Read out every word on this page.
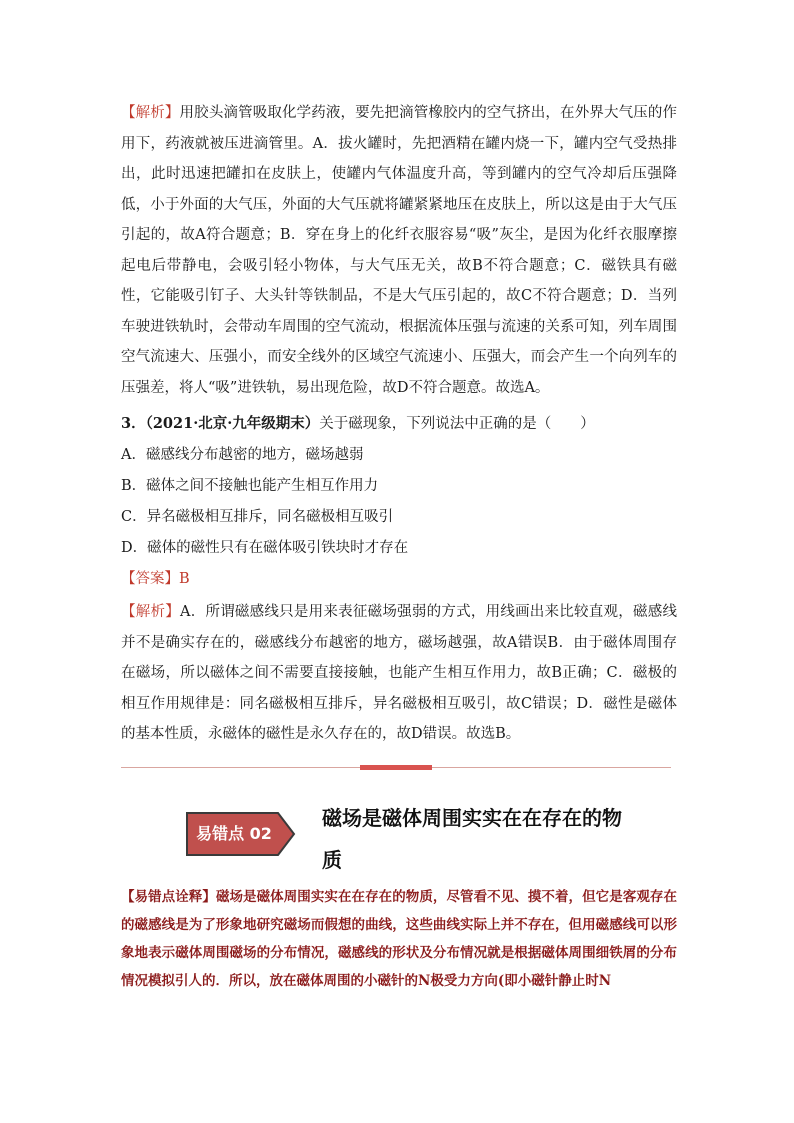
【解析】用胶头滴管吸取化学药液，要先把滴管橡胶内的空气挤出，在外界大气压的作用下，药液就被压进滴管里。A．拔火罐时，先把酒精在罐内烧一下，罐内空气受热排出，此时迅速把罐扣在皮肤上，使罐内气体温度升高，等到罐内的空气冷却后压强降低，小于外面的大气压，外面的大气压就将罐紧紧地压在皮肤上，所以这是由于大气压引起的，故A符合题意；B．穿在身上的化纤衣服容易“吸”灰尘，是因为化纤衣服摩擦起电后带静电，会吸引轻小物体，与大气压无关，故B不符合题意；C．磁铁具有磁性，它能吸引钉子、大头针等铁制品，不是大气压引起的，故C不符合题意；D．当列车驶进铁轨时，会带动车周围的空气流动，根据流体压强与流速的关系可知，列车周围空气流速大、压强小，而安全线外的区域空气流速小、压强大，而会产生一个向列车的压强差，将人“吸”进铁轨，易出现危险，故D不符合题意。故选A。
3．（2021·北京·九年级期末）关于磁现象，下列说法中正确的是（　　）
A．磁感线分布越密的地方，磁场越弱
B．磁体之间不接触也能产生相互作用力
C．异名磁极相互排斥，同名磁极相互吸引
D．磁体的磁性只有在磁体吸引铁块时才存在
【答案】B
【解析】A．所谓磁感线只是用来表征磁场强弱的方式，用线画出来比较直观，磁感线并不是确实存在的，磁感线分布越密的地方，磁场越强，故A错误B．由于磁体周围存在磁场，所以磁体之间不需要直接接触，也能产生相互作用力，故B正确；C．磁极的相互作用规律是：同名磁极相互排斥，异名磁极相互吸引，故C错误；D．磁性是磁体的基本性质，永磁体的磁性是永久存在的，故D错误。故选B。
易错点 02
磁场是磁体周围实实在在存在的物质
【易错点诠释】磁场是磁体周围实实在在存在的物质，尽管看不见、摸不着，但它是客观存在的磁感线是为了形象地研究磁场而假想的曲线，这些曲线实际上并不存在，但用磁感线可以形象地表示磁体周围磁场的分布情况，磁感线的形状及分布情况就是根据磁体周围细铁屑的分布情况模拟引人的．所以，放在磁体周围的小磁针的N极受力方向(即小磁针静止时N
